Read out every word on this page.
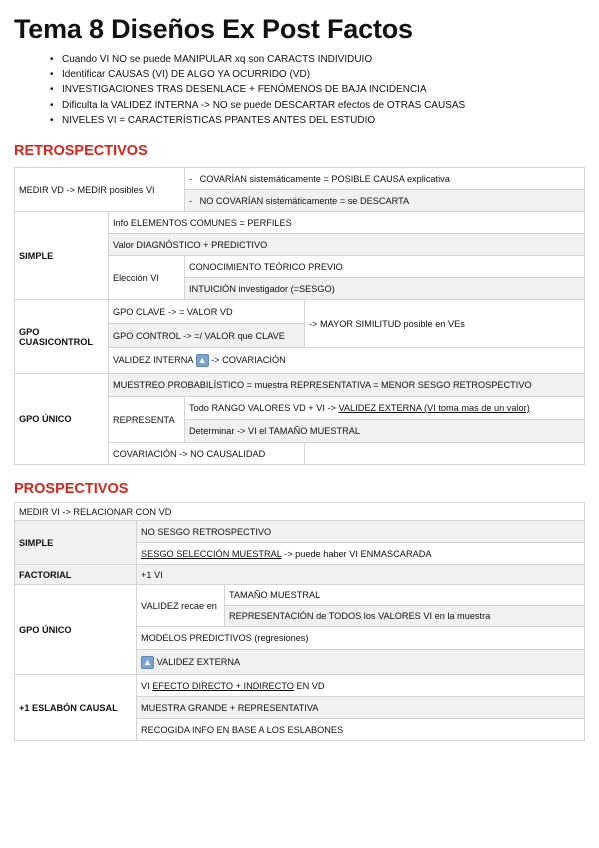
Tema 8 Diseños Ex Post Factos
• Cuando VI NO se puede MANIPULAR xq son CARACTS INDIVIDUIO
• Identificar CAUSAS (VI) DE ALGO YA OCURRIDO (VD)
• INVESTIGACIONES TRAS DESENLACE + FENÓMENOS DE BAJA INCIDENCIA
• Dificulta la VALIDEZ INTERNA -> NO se puede DESCARTAR efectos de OTRAS CAUSAS
• NIVELES VI = CARACTERÍSTICAS PPANTES ANTES DEL ESTUDIO
RETROSPECTIVOS
MEDIR VD -> MEDIR posibles VI		- COVARÍAN sistemáticamente = POSIBLE CAUSA explicativa	
		- NO COVARÍAN sistemáticamente = se DESCARTA	
SIMPLE	Info ELEMENTOS COMUNES = PERFILES		
	Valor DIAGNÓSTICO + PREDICTIVO		
	Elección VI	CONOCIMIENTO TEÓRICO PREVIO	
		INTUICIÓN investigador (=SESGO)	
GPO CUASICONTROL	GPO CLAVE -> = VALOR VD		-> MAYOR SIMILITUD posible en VEs
	GPO CONTROL -> =/ VALOR que CLAVE		
	VALIDEZ INTERNA ▲ -> COVARIACIÓN		
GPO ÚNICO	MUESTREO PROBABILÍSTICO = muestra REPRESENTATIVA = MENOR SESGO RETROSPECTIVO		
	REPRESENTA	Todo RANGO VALORES VD + VI -> VALIDEZ EXTERNA (VI toma mas de un valor)	
		Determinar -> VI el TAMAÑO MUESTRAL	
	COVARIACIÓN -> NO CAUSALIDAD		
PROSPECTIVOS
MEDIR VI -> RELACIONAR CON VD		
SIMPLE	NO SESGO RETROSPECTIVO	
	SESGO SELECCIÓN MUESTRAL -> puede haber VI ENMASCARADA	
FACTORIAL	+1 VI	
GPO ÚNICO	VALIDEZ recae en	TAMAÑO MUESTRAL
		REPRESENTACIÓN de TODOS los VALORES VI en la muestra
	MODELOS PREDICTIVOS (regresiones)	
	▲ VALIDEZ EXTERNA	
+1 ESLABÓN CAUSAL	VI EFECTO DIRECTO + INDIRECTO EN VD	
	MUESTRA GRANDE + REPRESENTATIVA	
	RECOGIDA INFO EN BASE A LOS ESLABONES	
